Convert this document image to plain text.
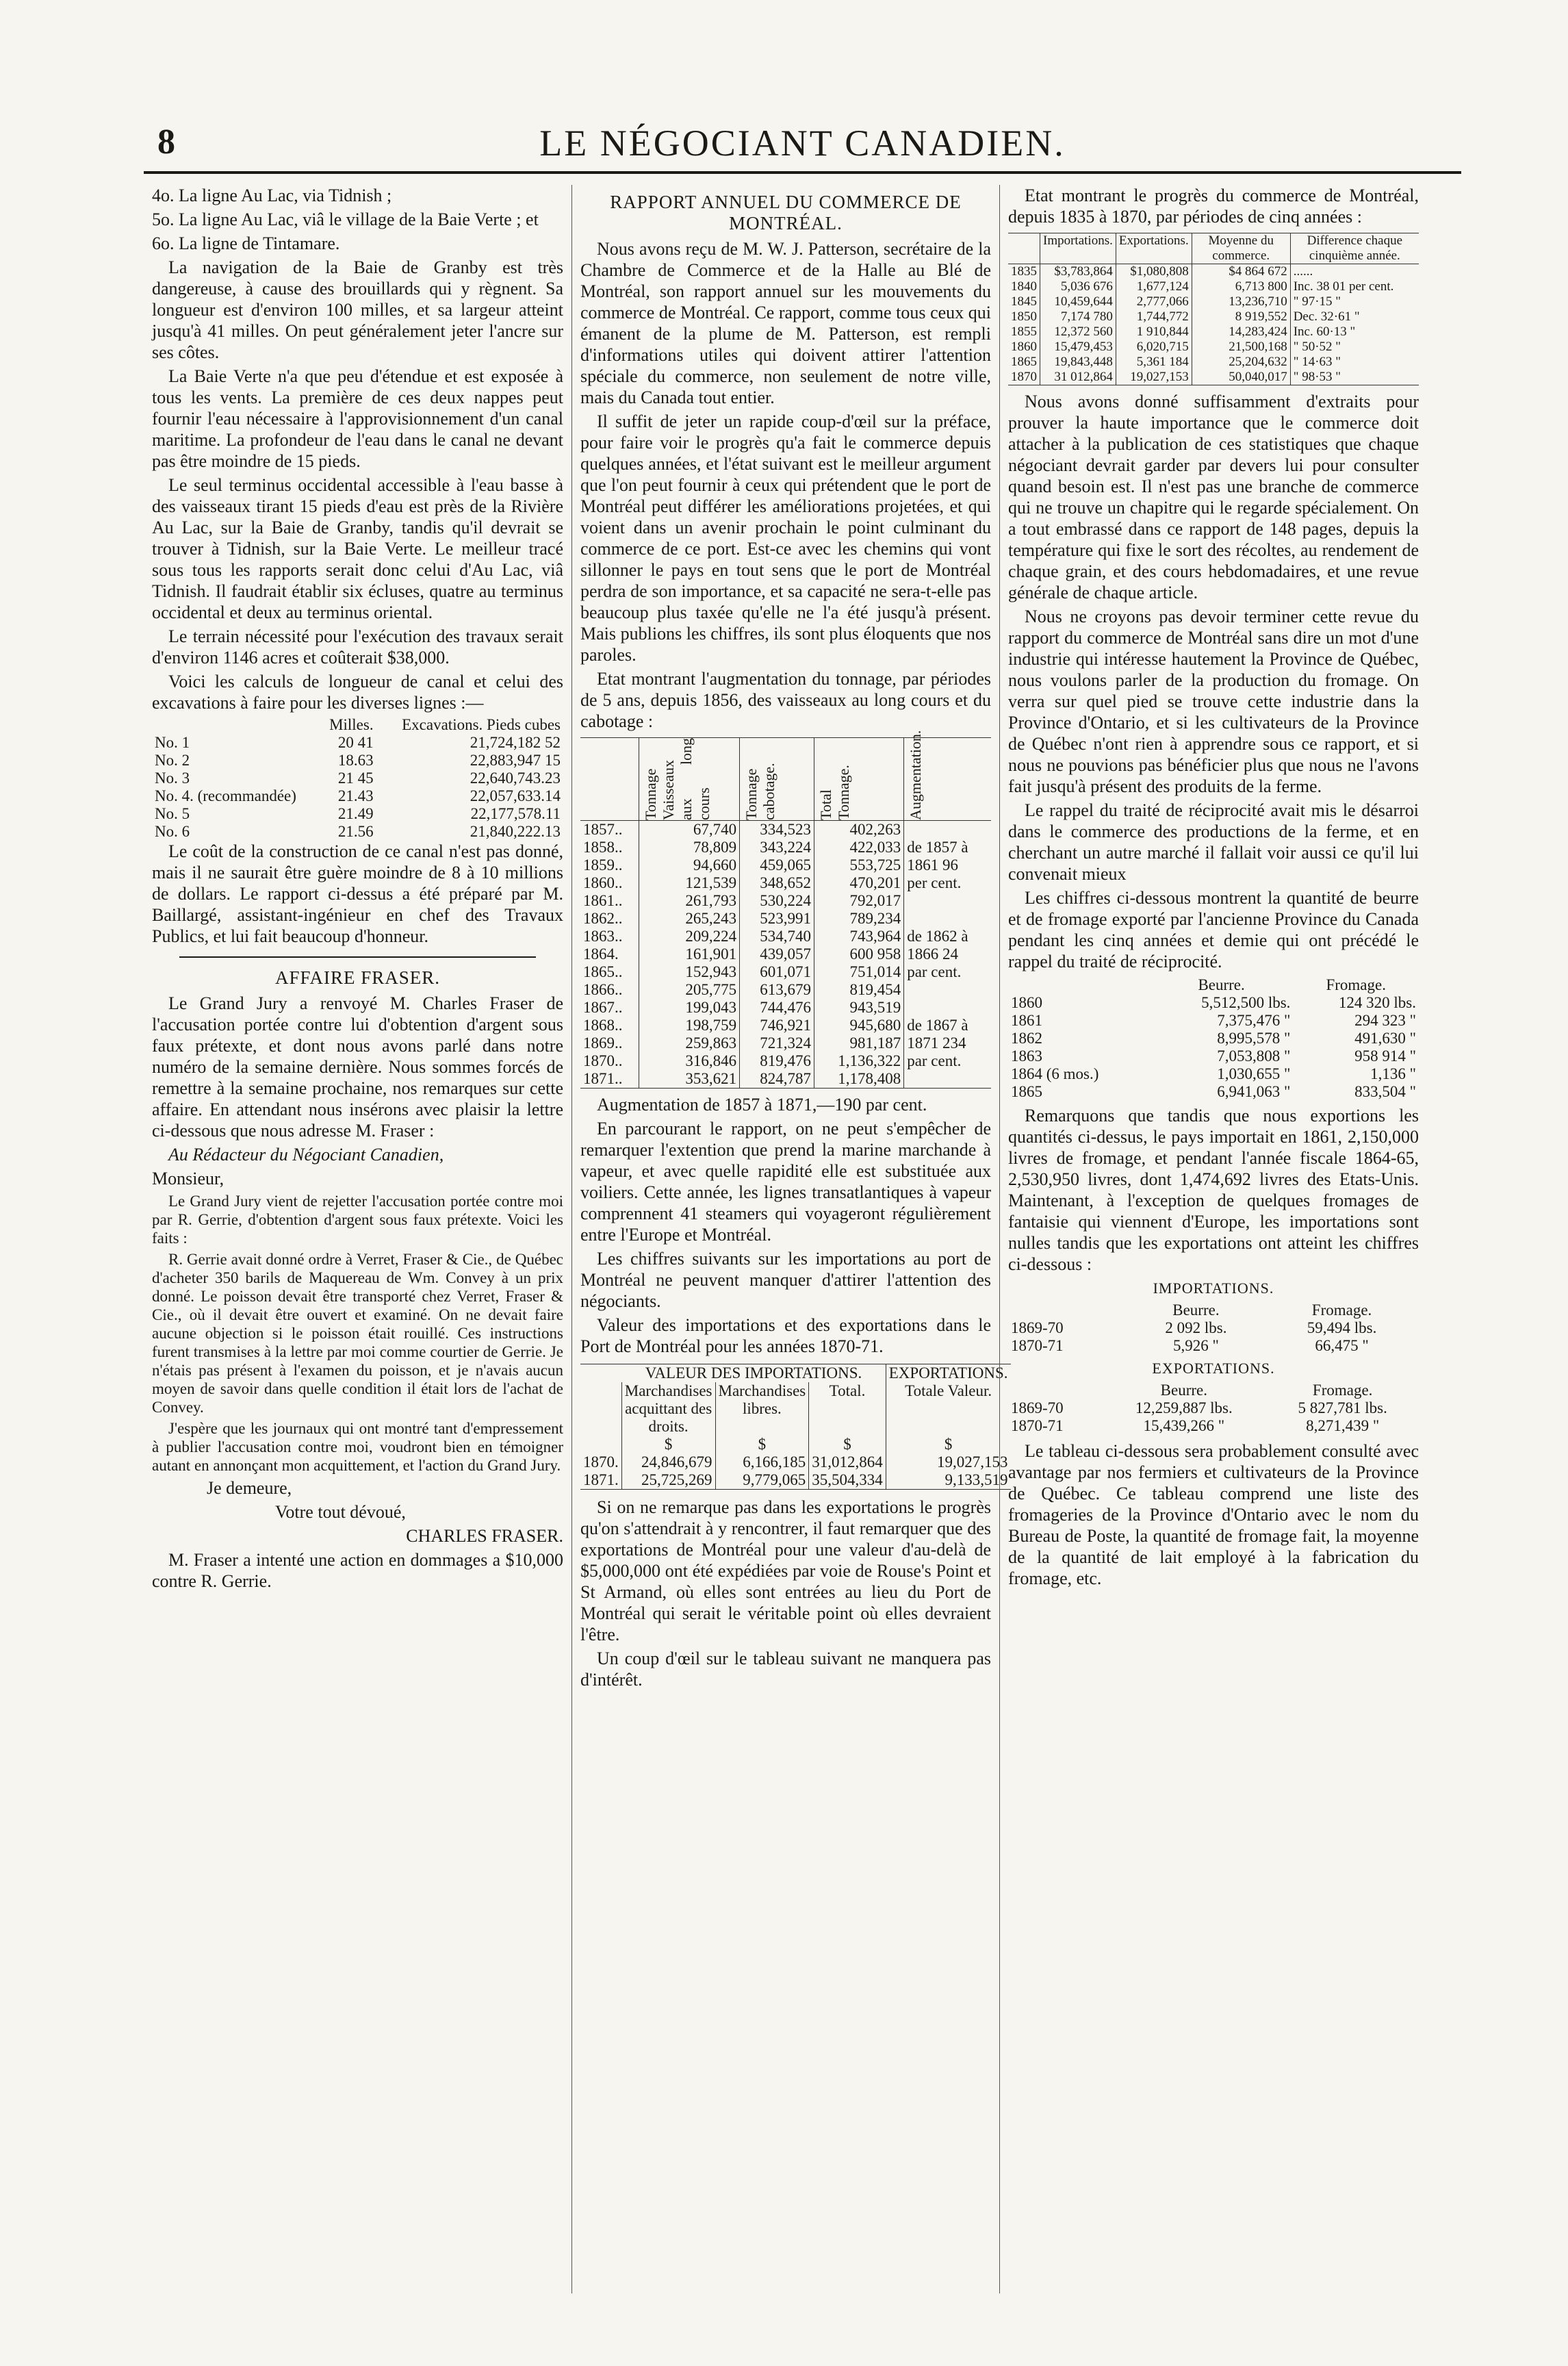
8	LE NÉGOCIANT CANADIEN.

4o. La ligne Au Lac, via Tidnish ;

5o. La ligne Au Lac, viâ le village de la Baie Verte ; et

6o. La ligne de Tintamare.

La navigation de la Baie de Granby est très dangereuse, à cause des brouillards qui y règnent. Sa longueur est d'environ 100 milles, et sa largeur atteint jusqu'à 41 milles. On peut généralement jeter l'ancre sur ses côtes.

La Baie Verte n'a que peu d'étendue et est exposée à tous les vents. La première de ces deux nappes peut fournir l'eau nécessaire à l'approvisionnement d'un canal maritime. La profondeur de l'eau dans le canal ne devant pas être moindre de 15 pieds.

Le seul terminus occidental accessible à l'eau basse à des vaisseaux tirant 15 pieds d'eau est près de la Rivière Au Lac, sur la Baie de Granby, tandis qu'il devrait se trouver à Tidnish, sur la Baie Verte. Le meilleur tracé sous tous les rapports serait donc celui d'Au Lac, viâ Tidnish. Il faudrait établir six écluses, quatre au terminus occidental et deux au terminus oriental.

Le terrain nécessité pour l'exécution des travaux serait d'environ 1146 acres et coûterait $38,000.

Voici les calculs de longueur de canal et celui des excavations à faire pour les diverses lignes :—

	Milles.	Excavations. Pieds cubes
No. 1	20 41	21,724,182 52
No. 2	18.63	22,883,947 15
No. 3	21 45	22,640,743.23
No. 4. (recommandée)	21.43	22,057,633.14
No. 5	21.49	22,177,578.11
No. 6	21.56	21,840,222.13

Le coût de la construction de ce canal n'est pas donné, mais il ne saurait être guère moindre de 8 à 10 millions de dollars. Le rapport ci-dessus a été préparé par M. Baillargé, assistant-ingénieur en chef des Travaux Publics, et lui fait beaucoup d'honneur.

AFFAIRE FRASER.

Le Grand Jury a renvoyé M. Charles Fraser de l'accusation portée contre lui d'obtention d'argent sous faux prétexte, et dont nous avons parlé dans notre numéro de la semaine dernière. Nous sommes forcés de remettre à la semaine prochaine, nos remarques sur cette affaire. En attendant nous insérons avec plaisir la lettre ci-dessous que nous adresse M. Fraser :

Au Rédacteur du Négociant Canadien,

Monsieur,

Le Grand Jury vient de rejetter l'accusation portée contre moi par R. Gerrie, d'obtention d'argent sous faux prétexte. Voici les faits :

R. Gerrie avait donné ordre à Verret, Fraser & Cie., de Québec d'acheter 350 barils de Maquereau de Wm. Convey à un prix donné. Le poisson devait être transporté chez Verret, Fraser & Cie., où il devait être ouvert et examiné. On ne devait faire aucune objection si le poisson était rouillé. Ces instructions furent transmises à la lettre par moi comme courtier de Gerrie. Je n'étais pas présent à l'examen du poisson, et je n'avais aucun moyen de savoir dans quelle condition il était lors de l'achat de Convey.

J'espère que les journaux qui ont montré tant d'empressement à publier l'accusation contre moi, voudront bien en témoigner autant en annonçant mon acquittement, et l'action du Grand Jury.

Je demeure,

Votre tout dévoué,

CHARLES FRASER.

M. Fraser a intenté une action en dommages a $10,000 contre R. Gerrie.

RAPPORT ANNUEL DU COMMERCE DE MONTRÉAL.

Nous avons reçu de M. W. J. Patterson, secrétaire de la Chambre de Commerce et de la Halle au Blé de Montréal, son rapport annuel sur les mouvements du commerce de Montréal. Ce rapport, comme tous ceux qui émanent de la plume de M. Patterson, est rempli d'informations utiles qui doivent attirer l'attention spéciale du commerce, non seulement de notre ville, mais du Canada tout entier.

Il suffit de jeter un rapide coup-d'œil sur la préface, pour faire voir le progrès qu'a fait le commerce depuis quelques années, et l'état suivant est le meilleur argument que l'on peut fournir à ceux qui prétendent que le port de Montréal peut différer les améliorations projetées, et qui voient dans un avenir prochain le point culminant du commerce de ce port. Est-ce avec les chemins qui vont sillonner le pays en tout sens que le port de Montréal perdra de son importance, et sa capacité ne sera-t-elle pas beaucoup plus taxée qu'elle ne l'a été jusqu'à présent. Mais publions les chiffres, ils sont plus éloquents que nos paroles.

Etat montrant l'augmentation du tonnage, par périodes de 5 ans, depuis 1856, des vaisseaux au long cours et du cabotage :

	Tonnage Vaisseaux aux long cours	Tonnage cabotage.	Total Tonnage.	Augmentation.

1857..	67,740	334,523	402,263	
1858..	78,809	343,224	422,033	de 1857 à
1859..	94,660	459,065	553,725	1861 96
1860..	121,539	348,652	470,201	per cent.
1861..	261,793	530,224	792,017	
1862..	265,243	523,991	789,234	
1863..	209,224	534,740	743,964	de 1862 à
1864.	161,901	439,057	600 958	1866 24
1865..	152,943	601,071	751,014	par cent.
1866..	205,775	613,679	819,454	
1867..	199,043	744,476	943,519	
1868..	198,759	746,921	945,680	de 1867 à
1869..	259,863	721,324	981,187	1871 234
1870..	316,846	819,476	1,136,322	par cent.
1871..	353,621	824,787	1,178,408	

Augmentation de 1857 à 1871,—190 par cent.

En parcourant le rapport, on ne peut s'empêcher de remarquer l'extention que prend la marine marchande à vapeur, et avec quelle rapidité elle est substituée aux voiliers. Cette année, les lignes transatlantiques à vapeur comprennent 41 steamers qui voyageront régulièrement entre l'Europe et Montréal.

Les chiffres suivants sur les importations au port de Montréal ne peuvent manquer d'attirer l'attention des négociants.

Valeur des importations et des exportations dans le Port de Montréal pour les années 1870-71.

	VALEUR DES IMPORTATIONS.			EXPORTATIONS.
	Marchandises acquittant des droits.	Marchandises libres.	Total.	Totale Valeur.
	$	$	$	$
1870.	24,846,679	6,166,185	31,012,864	19,027,153
1871.	25,725,269	9,779,065	35,504,334	9,133,519

Si on ne remarque pas dans les exportations le progrès qu'on s'attendrait à y rencontrer, il faut remarquer que des exportations de Montréal pour une valeur d'au-delà de $5,000,000 ont été expédiées par voie de Rouse's Point et St Armand, où elles sont entrées au lieu du Port de Montréal qui serait le véritable point où elles devraient l'être.

Un coup d'œil sur le tableau suivant ne manquera pas d'intérêt.

Etat montrant le progrès du commerce de Montréal, depuis 1835 à 1870, par périodes de cinq années :

	Importations.	Exportations.	Moyenne du commerce.	Difference chaque cinquième année.
1835	$3,783,864	$1,080,808	$4 864 672	......
1840	5,036 676	1,677,124	6,713 800	Inc. 38 01 per cent.
1845	10,459,644	2,777,066	13,236,710	" 97·15 "
1850	7,174 780	1,744,772	8 919,552	Dec. 32·61 "
1855	12,372 560	1 910,844	14,283,424	Inc. 60·13 "
1860	15,479,453	6,020,715	21,500,168	" 50·52 "
1865	19,843,448	5,361 184	25,204,632	" 14·63 "
1870	31 012,864	19,027,153	50,040,017	" 98·53 "

Nous avons donné suffisamment d'extraits pour prouver la haute importance que le commerce doit attacher à la publication de ces statistiques que chaque négociant devrait garder par devers lui pour consulter quand besoin est. Il n'est pas une branche de commerce qui ne trouve un chapitre qui le regarde spécialement. On a tout embrassé dans ce rapport de 148 pages, depuis la température qui fixe le sort des récoltes, au rendement de chaque grain, et des cours hebdomadaires, et une revue générale de chaque article.

Nous ne croyons pas devoir terminer cette revue du rapport du commerce de Montréal sans dire un mot d'une industrie qui intéresse hautement la Province de Québec, nous voulons parler de la production du fromage. On verra sur quel pied se trouve cette industrie dans la Province d'Ontario, et si les cultivateurs de la Province de Québec n'ont rien à apprendre sous ce rapport, et si nous ne pouvions pas bénéficier plus que nous ne l'avons fait jusqu'à présent des produits de la ferme.

Le rappel du traité de réciprocité avait mis le désarroi dans le commerce des productions de la ferme, et en cherchant un autre marché il fallait voir aussi ce qu'il lui convenait mieux

Les chiffres ci-dessous montrent la quantité de beurre et de fromage exporté par l'ancienne Province du Canada pendant les cinq années et demie qui ont précédé le rappel du traité de réciprocité.

	Beurre.	Fromage.
1860	5,512,500 lbs.	124 320 lbs.
1861	7,375,476 "	294 323 "
1862	8,995,578 "	491,630 "
1863	7,053,808 "	958 914 "
1864 (6 mos.)	1,030,655 "	1,136 "
1865	6,941,063 "	833,504 "

Remarquons que tandis que nous exportions les quantités ci-dessus, le pays importait en 1861, 2,150,000 livres de fromage, et pendant l'année fiscale 1864-65, 2,530,950 livres, dont 1,474,692 livres des Etats-Unis. Maintenant, à l'exception de quelques fromages de fantaisie qui viennent d'Europe, les importations sont nulles tandis que les exportations ont atteint les chiffres ci-dessous :

IMPORTATIONS.
	Beurre.	Fromage.
1869-70	2 092 lbs.	59,494 lbs.
1870-71	5,926 "	66,475 "
EXPORTATIONS.
	Beurre.	Fromage.
1869-70	12,259,887 lbs.	5 827,781 lbs.
1870-71	15,439,266 "	8,271,439 "

Le tableau ci-dessous sera probablement consulté avec avantage par nos fermiers et cultivateurs de la Province de Québec. Ce tableau comprend une liste des fromageries de la Province d'Ontario avec le nom du Bureau de Poste, la quantité de fromage fait, la moyenne de la quantité de lait employé à la fabrication du fromage, etc.
